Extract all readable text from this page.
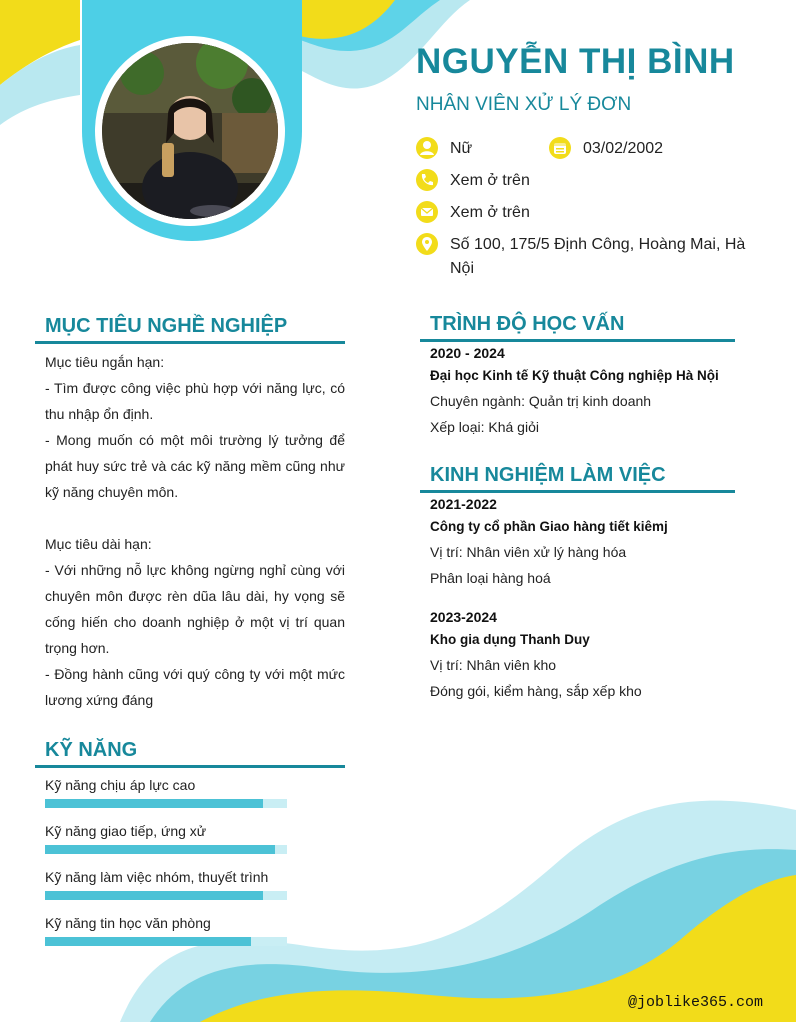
NGUYỄN THỊ BÌNH
NHÂN VIÊN XỬ LÝ ĐƠN
Nữ	03/02/2002
Xem ở trên
Xem ở trên
Số 100, 175/5 Định Công, Hoàng Mai, Hà Nội
MỤC TIÊU NGHỀ NGHIỆP
Mục tiêu ngắn hạn:
- Tìm được công việc phù hợp với năng lực, có thu nhập ổn định.
- Mong muốn có một môi trường lý tưởng để phát huy sức trẻ và các kỹ năng mềm cũng như kỹ năng chuyên môn.
Mục tiêu dài hạn:
- Với những nỗ lực không ngừng nghỉ cùng với chuyên môn được rèn dũa lâu dài, hy vọng sẽ cống hiến cho doanh nghiệp ở một vị trí quan trọng hơn.
- Đồng hành cũng với quý công ty với một mức lương xứng đáng
KỸ NĂNG
Kỹ năng chịu áp lực cao
Kỹ năng giao tiếp, ứng xử
Kỹ năng làm việc nhóm, thuyết trình
Kỹ năng tin học văn phòng
TRÌNH ĐỘ HỌC VẤN
2020 - 2024
Đại học Kinh tế Kỹ thuật Công nghiệp Hà Nội
Chuyên ngành: Quản trị kinh doanh
Xếp loại: Khá giỏi
KINH NGHIỆM LÀM VIỆC
2021-2022
Công ty cổ phần Giao hàng tiết kiêmj
Vị trí: Nhân viên xử lý hàng hóa
Phân loại hàng hoá
2023-2024
Kho gia dụng Thanh Duy
Vị trí: Nhân viên kho
Đóng gói, kiểm hàng, sắp xếp kho
@joblike365.com
